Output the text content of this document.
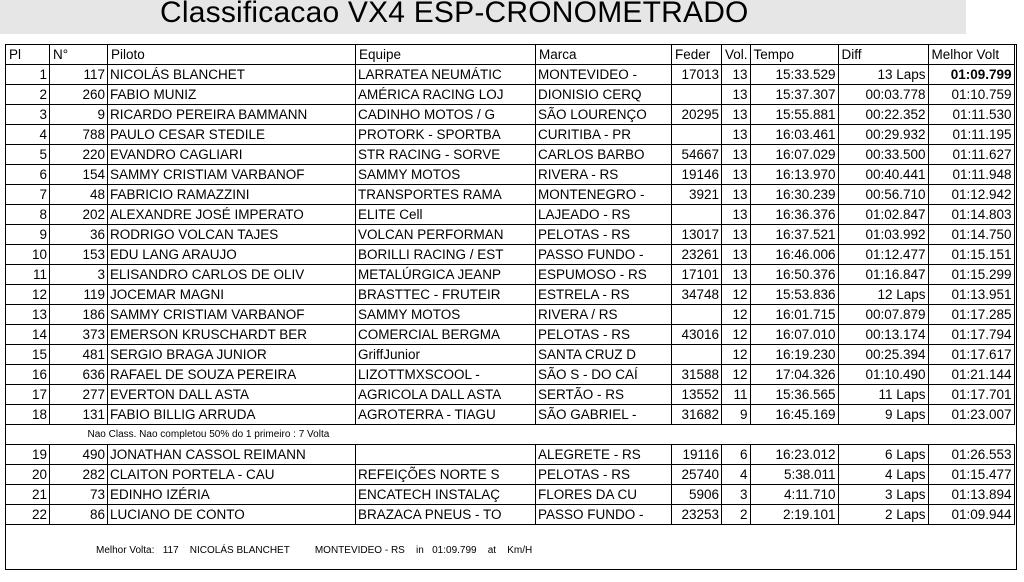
Classificacao VX4 ESP-CRONOMETRADO
Pl	N°	Piloto	Equipe	Marca	Feder	Vol.	Tempo	Diff	Melhor Volt
1	117	NICOLÁS BLANCHET	LARRATEA NEUMÁTIC	MONTEVIDEO -	17013	13	15:33.529	13 Laps	01:09.799
2	260	FABIO MUNIZ	AMÉRICA RACING LOJ	DIONISIO CERQ		13	15:37.307	00:03.778	01:10.759
3	9	RICARDO PEREIRA BAMMANN	CADINHO MOTOS / G	SÃO LOURENÇO	20295	13	15:55.881	00:22.352	01:11.530
4	788	PAULO CESAR STEDILE	PROTORK - SPORTBA	CURITIBA - PR		13	16:03.461	00:29.932	01:11.195
5	220	EVANDRO CAGLIARI	STR RACING - SORVE	CARLOS BARBO	54667	13	16:07.029	00:33.500	01:11.627
6	154	SAMMY CRISTIAM VARBANOF	SAMMY MOTOS	RIVERA - RS	19146	13	16:13.970	00:40.441	01:11.948
7	48	FABRICIO RAMAZZINI	TRANSPORTES RAMA	MONTENEGRO -	3921	13	16:30.239	00:56.710	01:12.942
8	202	ALEXANDRE JOSÉ IMPERATO	ELITE Cell	LAJEADO - RS		13	16:36.376	01:02.847	01:14.803
9	36	RODRIGO VOLCAN TAJES	VOLCAN PERFORMAN	PELOTAS - RS	13017	13	16:37.521	01:03.992	01:14.750
10	153	EDU LANG ARAUJO	BORILLI RACING / EST	PASSO FUNDO -	23261	13	16:46.006	01:12.477	01:15.151
11	3	ELISANDRO CARLOS DE OLIV	METALÚRGICA JEANP	ESPUMOSO - RS	17101	13	16:50.376	01:16.847	01:15.299
12	119	JOCEMAR MAGNI	BRASTTEC - FRUTEIR	ESTRELA - RS	34748	12	15:53.836	12 Laps	01:13.951
13	186	SAMMY CRISTIAM VARBANOF	SAMMY MOTOS	RIVERA / RS		12	16:01.715	00:07.879	01:17.285
14	373	EMERSON KRUSCHARDT BER	COMERCIAL BERGMA	PELOTAS - RS	43016	12	16:07.010	00:13.174	01:17.794
15	481	SERGIO BRAGA JUNIOR	GriffJunior	SANTA CRUZ D		12	16:19.230	00:25.394	01:17.617
16	636	RAFAEL DE SOUZA PEREIRA	LIZOTTMXSCOOL -	SÃO S - DO CAÍ	31588	12	17:04.326	01:10.490	01:21.144
17	277	EVERTON DALL ASTA	AGRICOLA DALL ASTA	SERTÃO - RS	13552	11	15:36.565	11 Laps	01:17.701
18	131	FABIO BILLIG ARRUDA	AGROTERRA - TIAGU	SÃO GABRIEL -	31682	9	16:45.169	9 Laps	01:23.007
Nao Class. Nao completou 50% do 1 primeiro : 7 Volta									
19	490	JONATHAN CASSOL REIMANN		ALEGRETE - RS	19116	6	16:23.012	6 Laps	01:26.553
20	282	CLAITON PORTELA - CAU	REFEIÇÕES NORTE S	PELOTAS - RS	25740	4	5:38.011	4 Laps	01:15.477
21	73	EDINHO IZÉRIA	ENCATECH INSTALAÇ	FLORES DA CU	5906	3	4:11.710	3 Laps	01:13.894
22	86	LUCIANO DE CONTO	BRAZACA PNEUS - TO	PASSO FUNDO -	23253	2	2:19.101	2 Laps	01:09.944
Melhor Volta: 117 NICOLÁS BLANCHET	MONTEVIDEO - RS in 01:09.799 at Km/H
